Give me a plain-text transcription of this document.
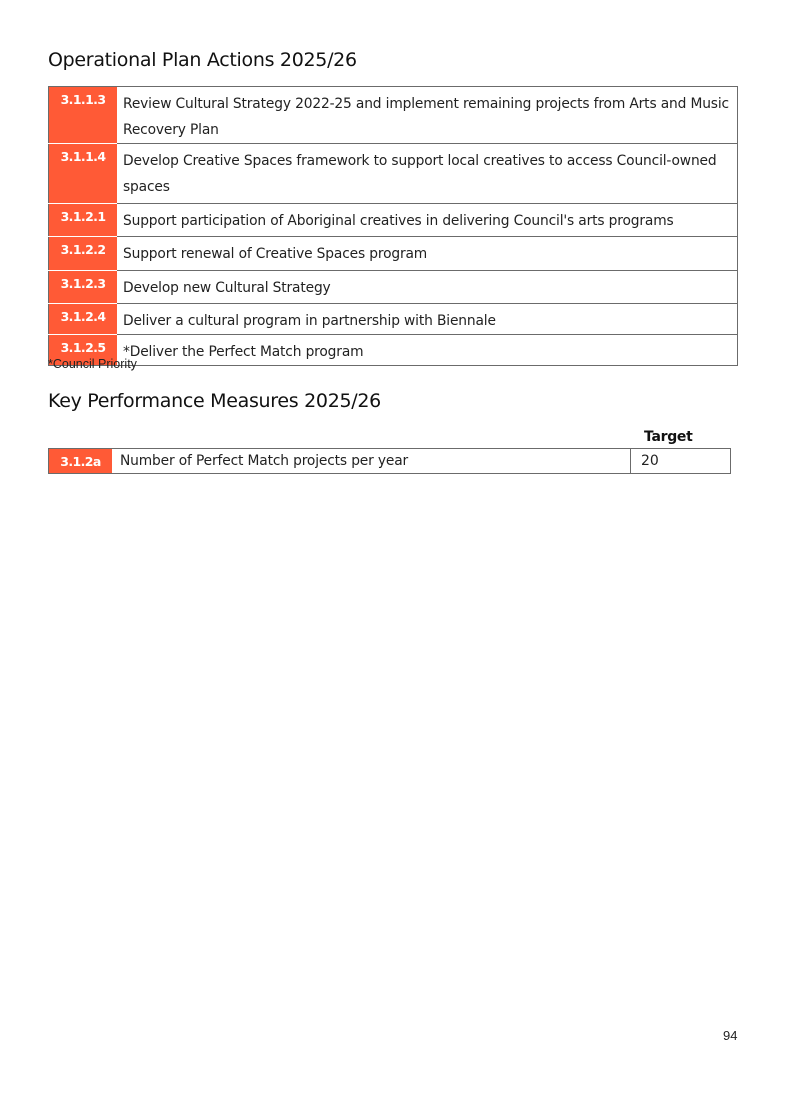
Operational Plan Actions 2025/26
3.1.1.3	Review Cultural Strategy 2022-25 and implement remaining projects from Arts and Music Recovery Plan
3.1.1.4	Develop Creative Spaces framework to support local creatives to access Council-owned spaces
3.1.2.1	Support participation of Aboriginal creatives in delivering Council's arts programs
3.1.2.2	Support renewal of Creative Spaces program
3.1.2.3	Develop new Cultural Strategy
3.1.2.4	Deliver a cultural program in partnership with Biennale
3.1.2.5	*Deliver the Perfect Match program
*Council Priority
Key Performance Measures 2025/26
Target
3.1.2a	Number of Perfect Match projects per year	20
94
